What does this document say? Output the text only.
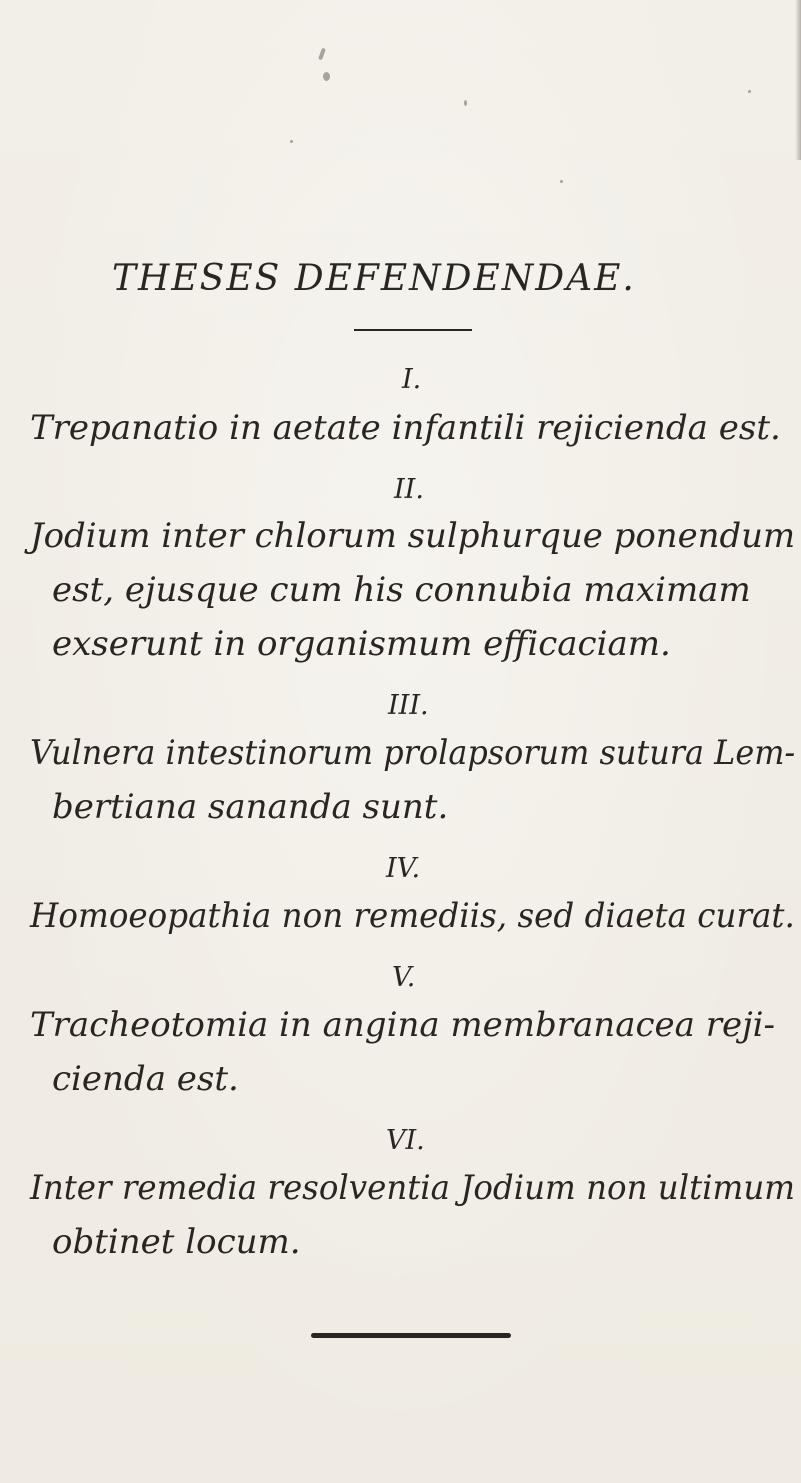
THESES DEFENDENDAE.
I.
Trepanatio in aetate infantili rejicienda est.
II.
Jodium inter chlorum sulphurque ponendum
est, ejusque cum his connubia maximam
exserunt in organismum efficaciam.
III.
Vulnera intestinorum prolapsorum sutura Lem-
bertiana sananda sunt.
IV.
Homoeopathia non remediis, sed diaeta curat.
V.
Tracheotomia in angina membranacea reji-
cienda est.
VI.
Inter remedia resolventia Jodium non ultimum
obtinet locum.
